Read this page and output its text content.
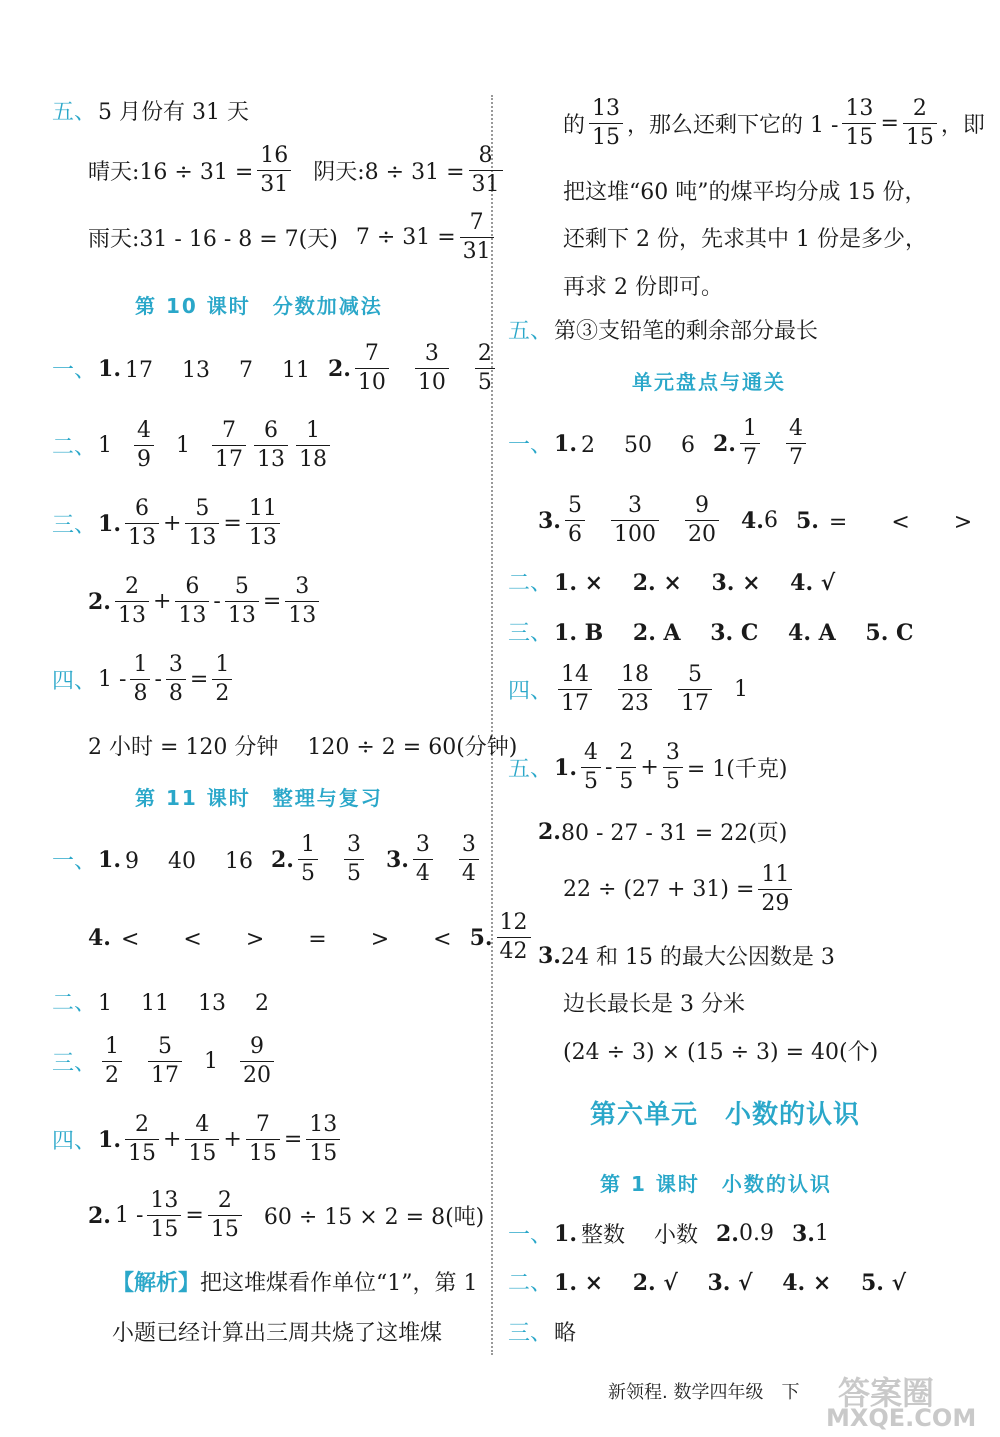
五、 5 月份有 31 天
晴天:16 ÷ $31 = \frac{16}{31}$ 阴天:8 ÷ $31 = \frac{8}{31}$
雨天:31 - 16 - 8 = 7(天) $7 \div 31 = \frac{7}{31}$
第 10 课时　分数加减法
一、 1. 17　 13　 7　 11 2. $\frac{7}{10} \frac{3}{10} \frac{2}{5}$
二、 $1 \frac{4}{9} 1 \frac{7}{17} \frac{6}{13} \frac{1}{18}$
三、 1. $\frac{6}{13} + \frac{5}{13} = \frac{11}{13}$
2. $\frac{2}{13} + \frac{6}{13} - \frac{5}{13} = \frac{3}{13}$
四、 $1 - \frac{1}{8} - \frac{3}{8} = \frac{1}{2}$
2 小时 = 120 分钟　 120 ÷ 2 = 60(分钟)
第 11 课时　整理与复习
一、 1. 9　 40　 16 2. $\frac{1}{5} \frac{3}{5} 3$. $\frac{3}{4} \frac{3}{4}$
4. <　　<　　>　　=　　>　　< 5. $\frac{12}{42}$
二、 1　 11　 13　 2
三、 $\frac{1}{2} \frac{5}{17} 1 \frac{9}{20}$
四、 1. $\frac{2}{15} + \frac{4}{15} + \frac{7}{15} = \frac{13}{15}$
2. $1 - \frac{13}{15} = \frac{2}{15} 60 \div 15 \times 2 = 8$(吨)
【解析】 把这堆煤看作单位“1”，第 1
小题已经计算出三周共烧了这堆煤
的 $\frac{13}{15}$ ，那么还剩下它的 $1 - \frac{13}{15} = \frac{2}{15}$ ，即
把这堆“60 吨”的煤平均分成 15 份，
还剩下 2 份，先求其中 1 份是多少，
再求 2 份即可。
五、 第③支铅笔的剩余部分最长
单元盘点与通关
一、 1. 2　 50　 6 2. $\frac{1}{7} \frac{4}{7}$
3. $\frac{5}{6} \frac{3}{100} \frac{9}{20} 4$. 6 5. =　　<　　>
二、 1. ×　 2. ×　 3. ×　 4. √
三、 1. B　 2. A　 3. C　 4. A　 5. C
四、 $\frac{14}{17} \frac{18}{23} \frac{5}{17} 1$
五、 1. $\frac{4}{5} - \frac{2}{5} + \frac{3}{5} = 1$(千克)
2. 80 - 27 - 31 = 22(页)
$22 \div (27 + 31) = \frac{11}{29}$
3. 24 和 15 的最大公因数是 3
边长最长是 3 分米
(24 ÷ 3) × (15 ÷ 3) = 40(个)
第六单元　小数的认识
第 1 课时　小数的认识
一、 1. 整数　 小数 2. 0.9 3. 1
二、 1. ×　 2. √　 3. √　 4. ×　 5. √
三、 略
新领程. 数学四年级　下 答案圈
MXQE.COM
